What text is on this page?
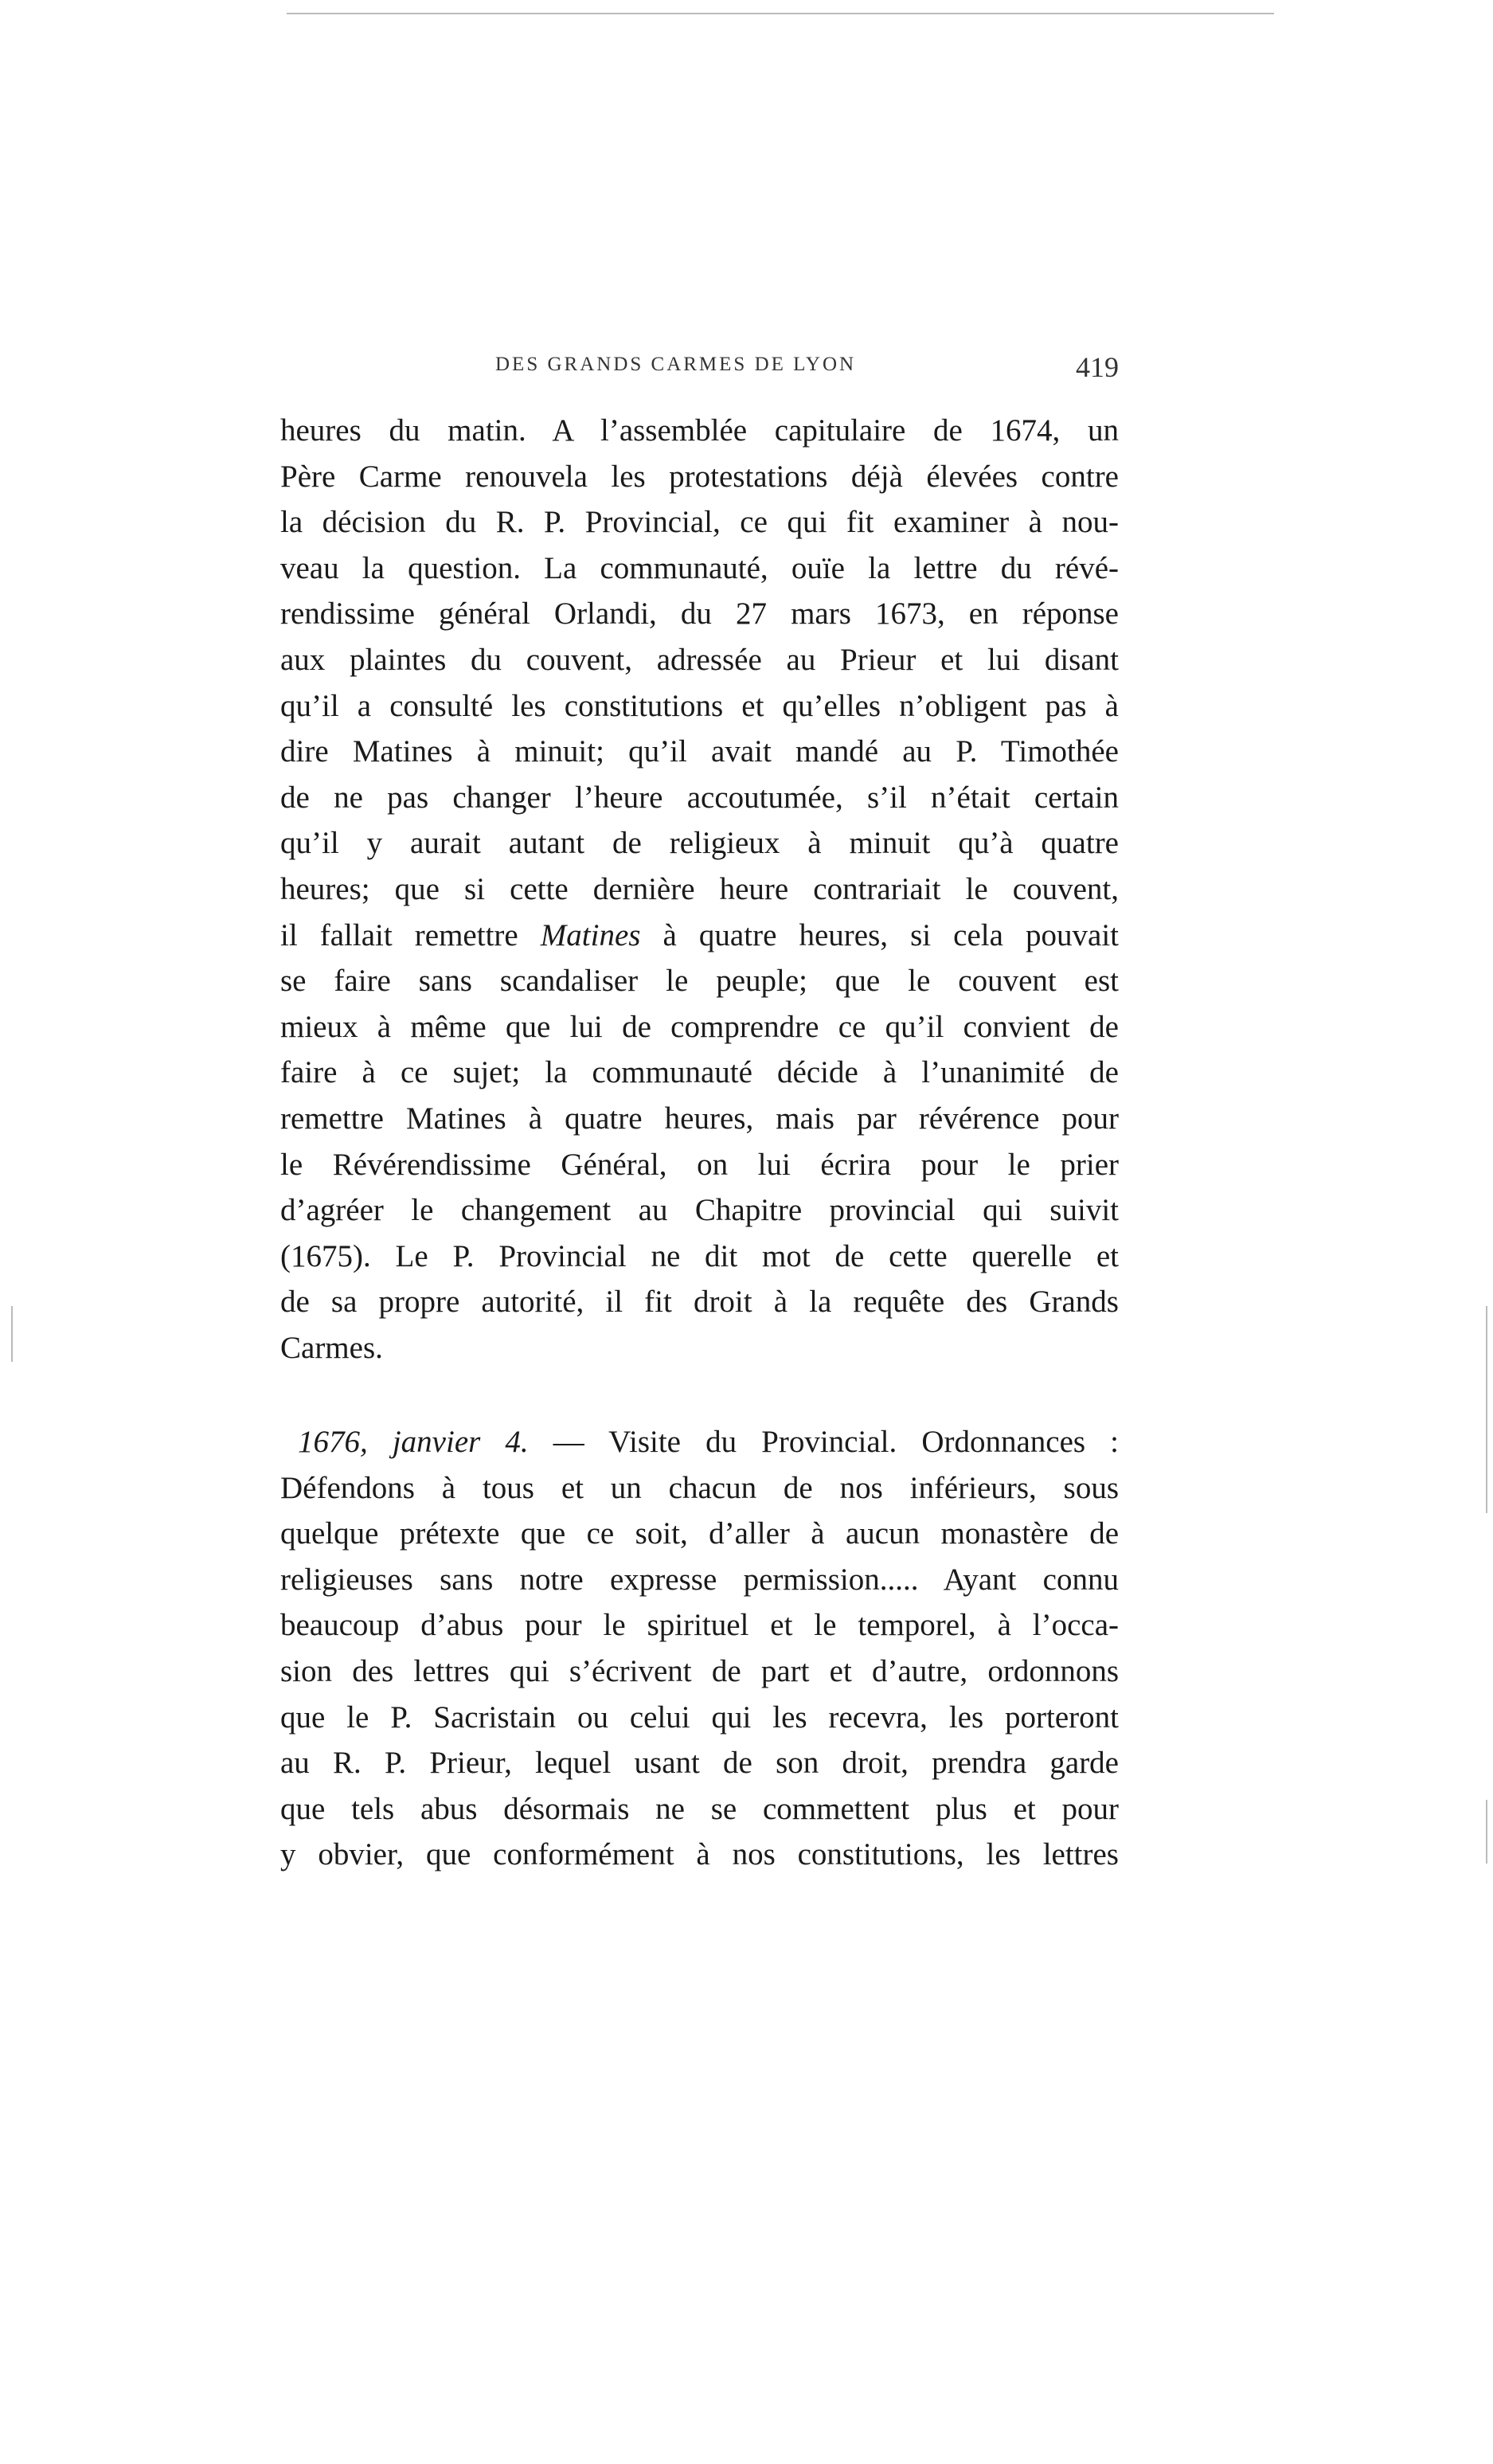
DES GRANDS CARMES DE LYON	419
heures du matin. A l’assemblée capitulaire de 1674, un
Père Carme renouvela les protestations déjà élevées contre
la décision du R. P. Provincial, ce qui fit examiner à nou-
veau la question. La communauté, ouïe la lettre du révé-
rendissime général Orlandi, du 27 mars 1673, en réponse
aux plaintes du couvent, adressée au Prieur et lui disant
qu’il a consulté les constitutions et qu’elles n’obligent pas à
dire Matines à minuit; qu’il avait mandé au P. Timothée
de ne pas changer l’heure accoutumée, s’il n’était certain
qu’il y aurait autant de religieux à minuit qu’à quatre
heures; que si cette dernière heure contrariait le couvent,
il fallait remettre Matines à quatre heures, si cela pouvait
se faire sans scandaliser le peuple; que le couvent est
mieux à même que lui de comprendre ce qu’il convient de
faire à ce sujet; la communauté décide à l’unanimité de
remettre Matines à quatre heures, mais par révérence pour
le Révérendissime Général, on lui écrira pour le prier
d’agréer le changement au Chapitre provincial qui suivit
(1675). Le P. Provincial ne dit mot de cette querelle et
de sa propre autorité, il fit droit à la requête des Grands
Carmes.
1676, janvier 4. — Visite du Provincial. Ordonnances :
Défendons à tous et un chacun de nos inférieurs, sous
quelque prétexte que ce soit, d’aller à aucun monastère de
religieuses sans notre expresse permission..... Ayant connu
beaucoup d’abus pour le spirituel et le temporel, à l’occa-
sion des lettres qui s’écrivent de part et d’autre, ordonnons
que le P. Sacristain ou celui qui les recevra, les porteront
au R. P. Prieur, lequel usant de son droit, prendra garde
que tels abus désormais ne se commettent plus et pour
y obvier, que conformément à nos constitutions, les lettres
